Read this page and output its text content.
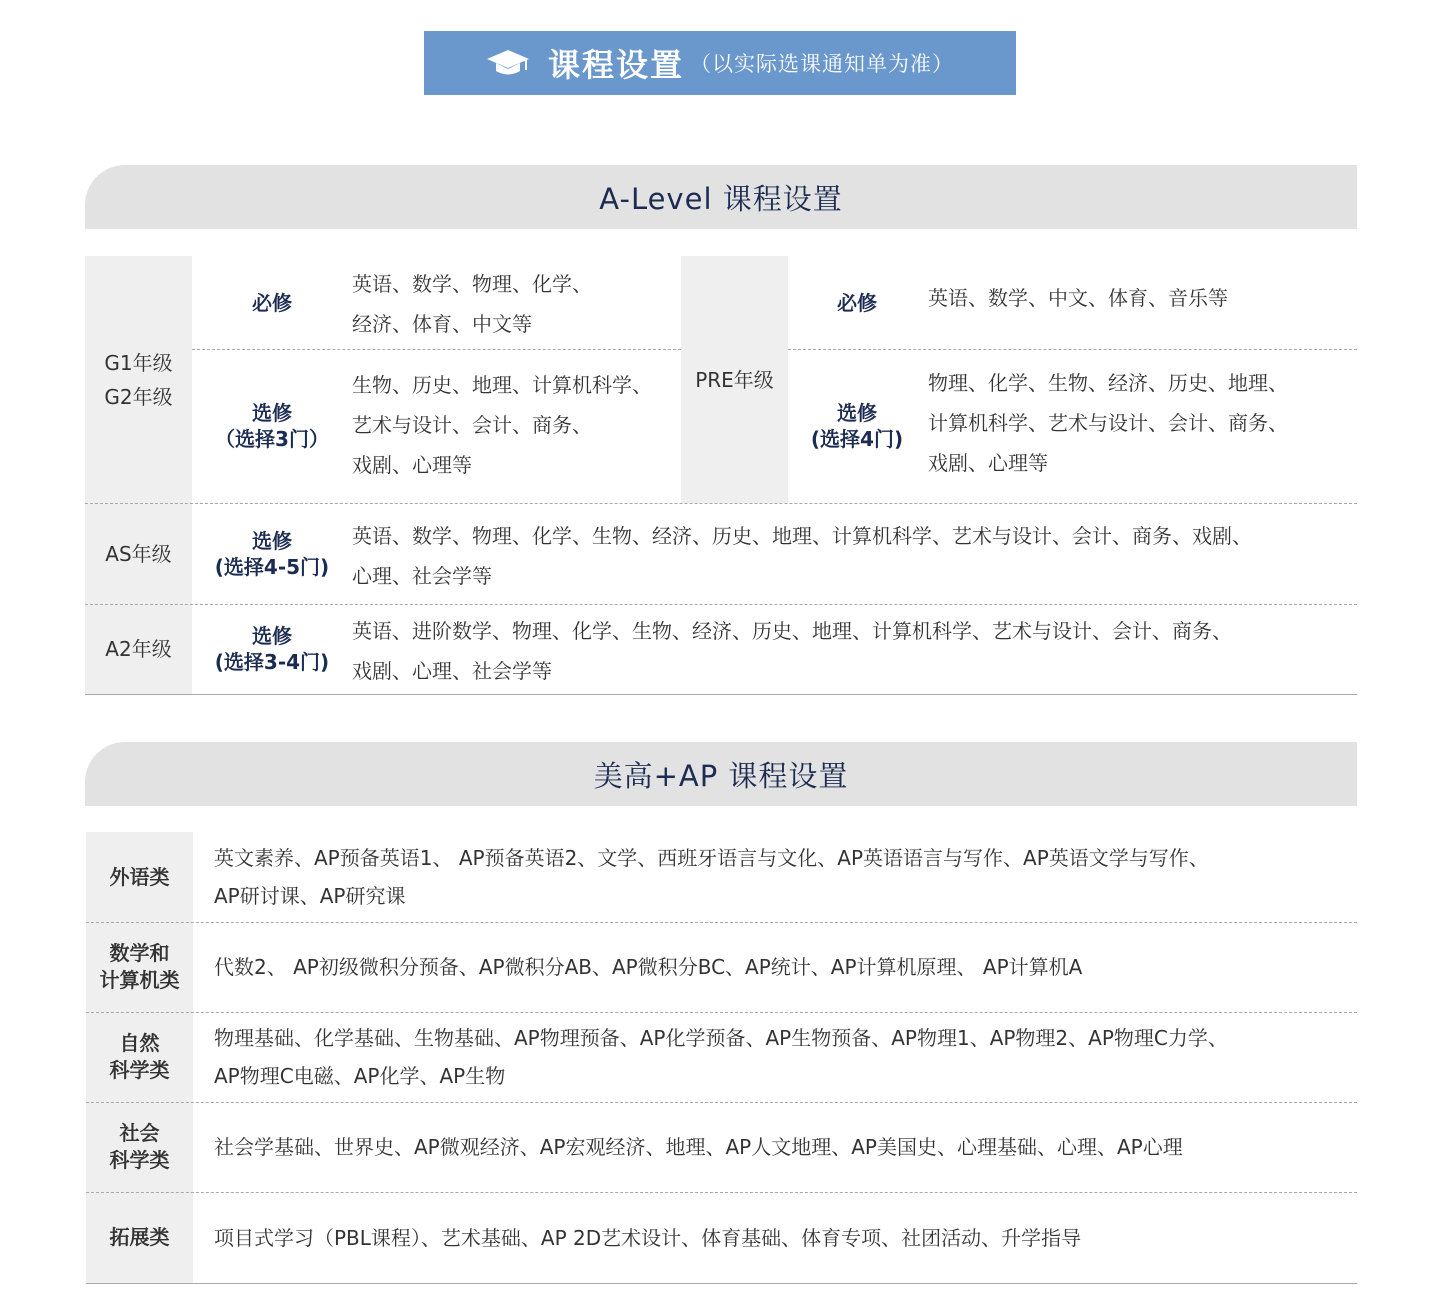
课程设置 （以实际选课通知单为准）
A-Level 课程设置
G1年级
G2年级
必修
英语、数学、物理、化学、
经济、体育、中文等
选修
（选择3门）
生物、历史、地理、计算机科学、
艺术与设计、会计、商务、
戏剧、心理等
PRE年级
必修	英语、数学、中文、体育、音乐等
选修
(选择4门)
物理、化学、生物、经济、历史、地理、
计算机科学、艺术与设计、会计、商务、
戏剧、心理等
AS年级
选修
(选择4-5门)
英语、数学、物理、化学、生物、经济、历史、地理、计算机科学、艺术与设计、会计、商务、戏剧、
心理、社会学等
A2年级
选修
(选择3-4门)
英语、进阶数学、物理、化学、生物、经济、历史、地理、计算机科学、艺术与设计、会计、商务、
戏剧、心理、社会学等
美高+AP 课程设置
外语类
英文素养、AP预备英语1、 AP预备英语2、文学、西班牙语言与文化、AP英语语言与写作、AP英语文学与写作、
AP研讨课、AP研究课
数学和
计算机类
代数2、 AP初级微积分预备、AP微积分AB、AP微积分BC、AP统计、AP计算机原理、 AP计算机A
自然
科学类
物理基础、化学基础、生物基础、AP物理预备、AP化学预备、AP生物预备、AP物理1、AP物理2、AP物理C力学、
AP物理C电磁、AP化学、AP生物
社会
科学类
社会学基础、世界史、AP微观经济、AP宏观经济、地理、AP人文地理、AP美国史、心理基础、心理、AP心理
拓展类 项目式学习（PBL课程）、艺术基础、AP 2D艺术设计、体育基础、体育专项、社团活动、升学指导
